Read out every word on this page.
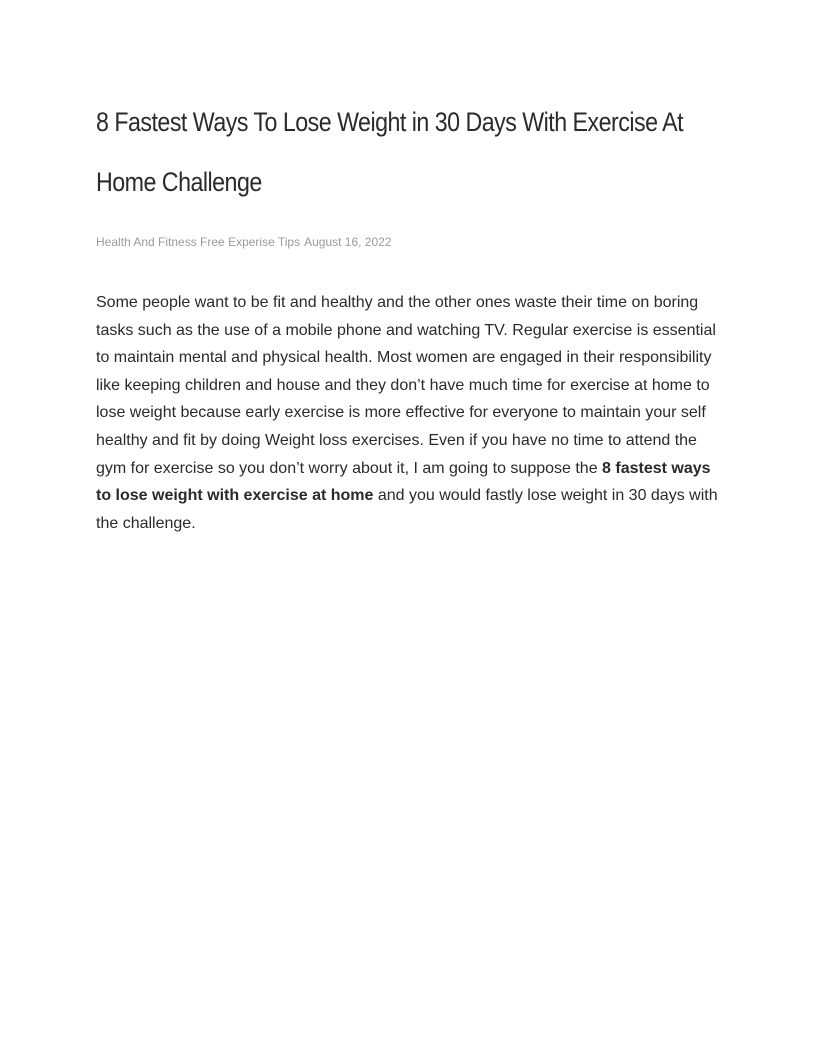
8 Fastest Ways To Lose Weight in 30 Days With Exercise At Home Challenge
Health And Fitness Free Experise Tips August 16, 2022

Some people want to be fit and healthy and the other ones waste their time on boring tasks such as the use of a mobile phone and watching TV. Regular exercise is essential to maintain mental and physical health. Most women are engaged in their responsibility like keeping children and house and they don’t have much time for exercise at home to lose weight because early exercise is more effective for everyone to maintain your self healthy and fit by doing Weight loss exercises. Even if you have no time to attend the gym for exercise so you don’t worry about it, I am going to suppose the 8 fastest ways to lose weight with exercise at home and you would fastly lose weight in 30 days with the challenge.
